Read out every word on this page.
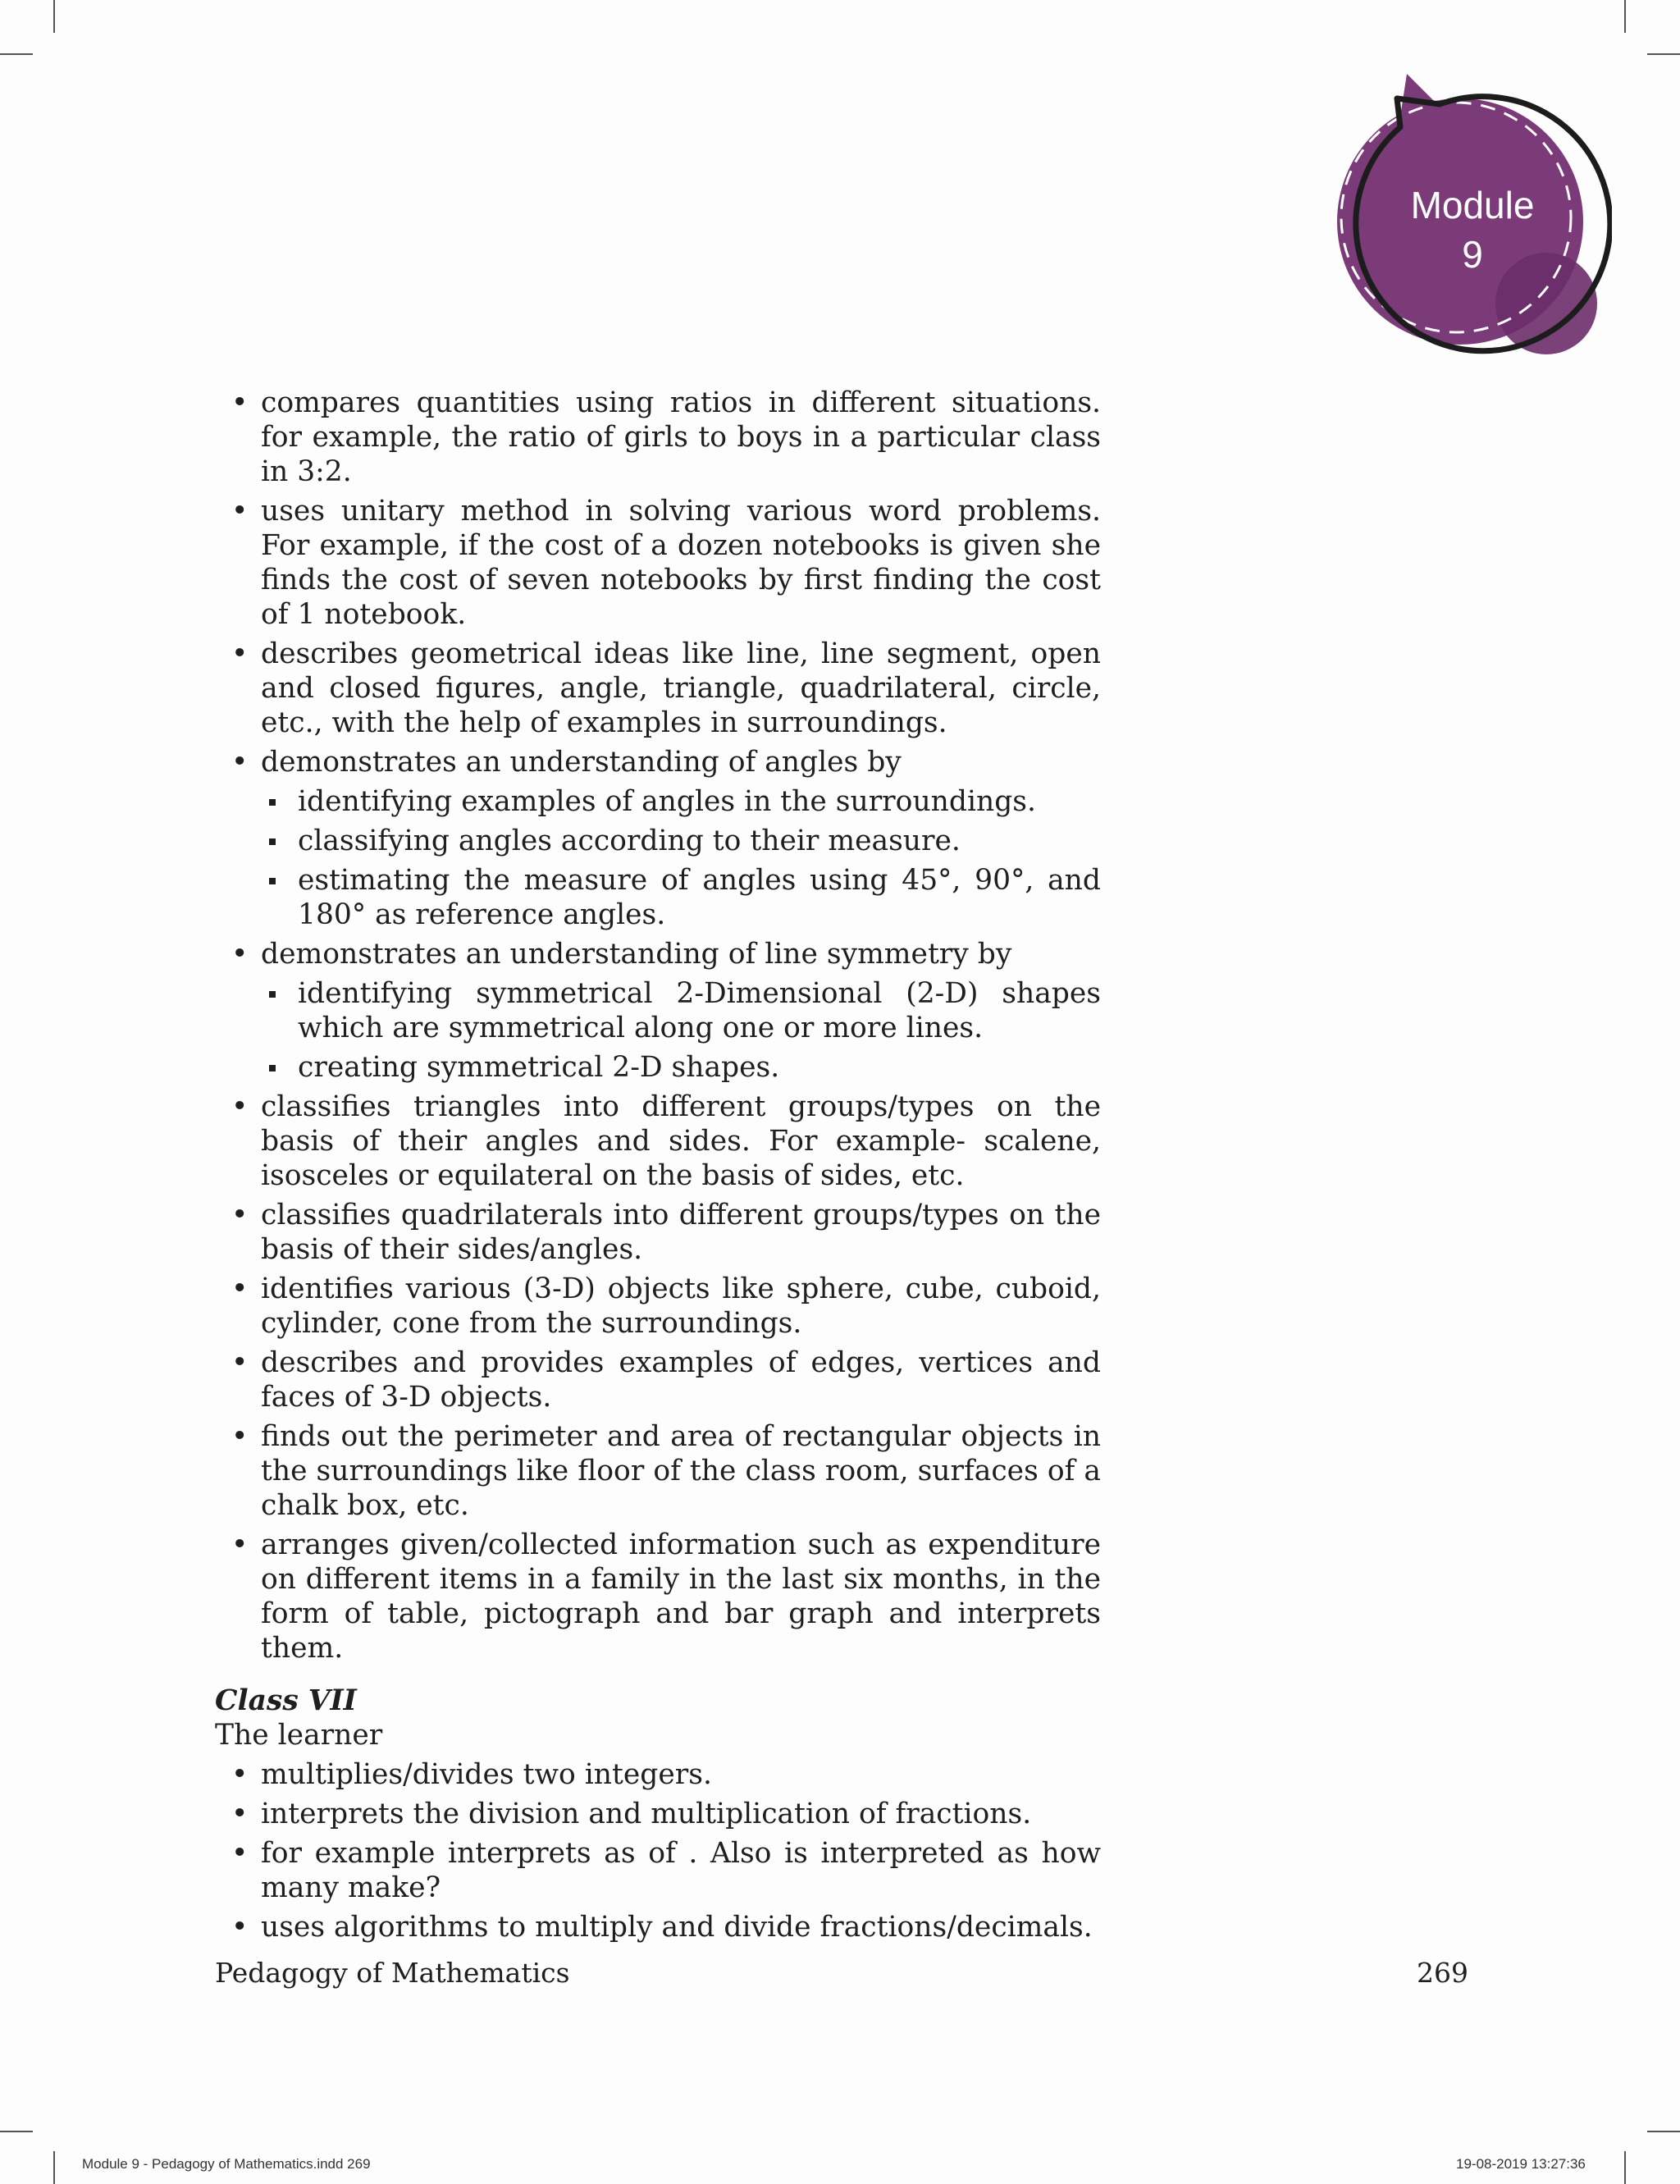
Module
9
• compares quantities using ratios in different situations. for example, the ratio of girls to boys in a particular class in 3:2.
• uses unitary method in solving various word problems. For example, if the cost of a dozen notebooks is given she finds the cost of seven notebooks by first finding the cost of 1 notebook.
• describes geometrical ideas like line, line segment, open and closed figures, angle, triangle, quadrilateral, circle, etc., with the help of examples in surroundings.
• demonstrates an understanding of angles by
identifying examples of angles in the surroundings.
classifying angles according to their measure.
estimating the measure of angles using 45°, 90°, and 180° as reference angles.
• demonstrates an understanding of line symmetry by
identifying symmetrical 2-Dimensional (2-D) shapes which are symmetrical along one or more lines.
creating symmetrical 2-D shapes.
• classifies triangles into different groups/types on the basis of their angles and sides. For example- scalene, isosceles or equilateral on the basis of sides, etc.
• classifies quadrilaterals into different groups/types on the basis of their sides/angles.
• identifies various (3-D) objects like sphere, cube, cuboid, cylinder, cone from the surroundings.
• describes and provides examples of edges, vertices and faces of 3-D objects.
• finds out the perimeter and area of rectangular objects in the surroundings like floor of the class room, surfaces of a chalk box, etc.
• arranges given/collected information such as expenditure on different items in a family in the last six months, in the form of table, pictograph and bar graph and interprets them.
Class VII
The learner
• multiplies/divides two integers.
• interprets the division and multiplication of fractions.
• for example interprets as of . Also is interpreted as how many make?
• uses algorithms to multiply and divide fractions/decimals.
Pedagogy of Mathematics	269
Module 9 - Pedagogy of Mathematics.indd 269	19-08-2019 13:27:36
